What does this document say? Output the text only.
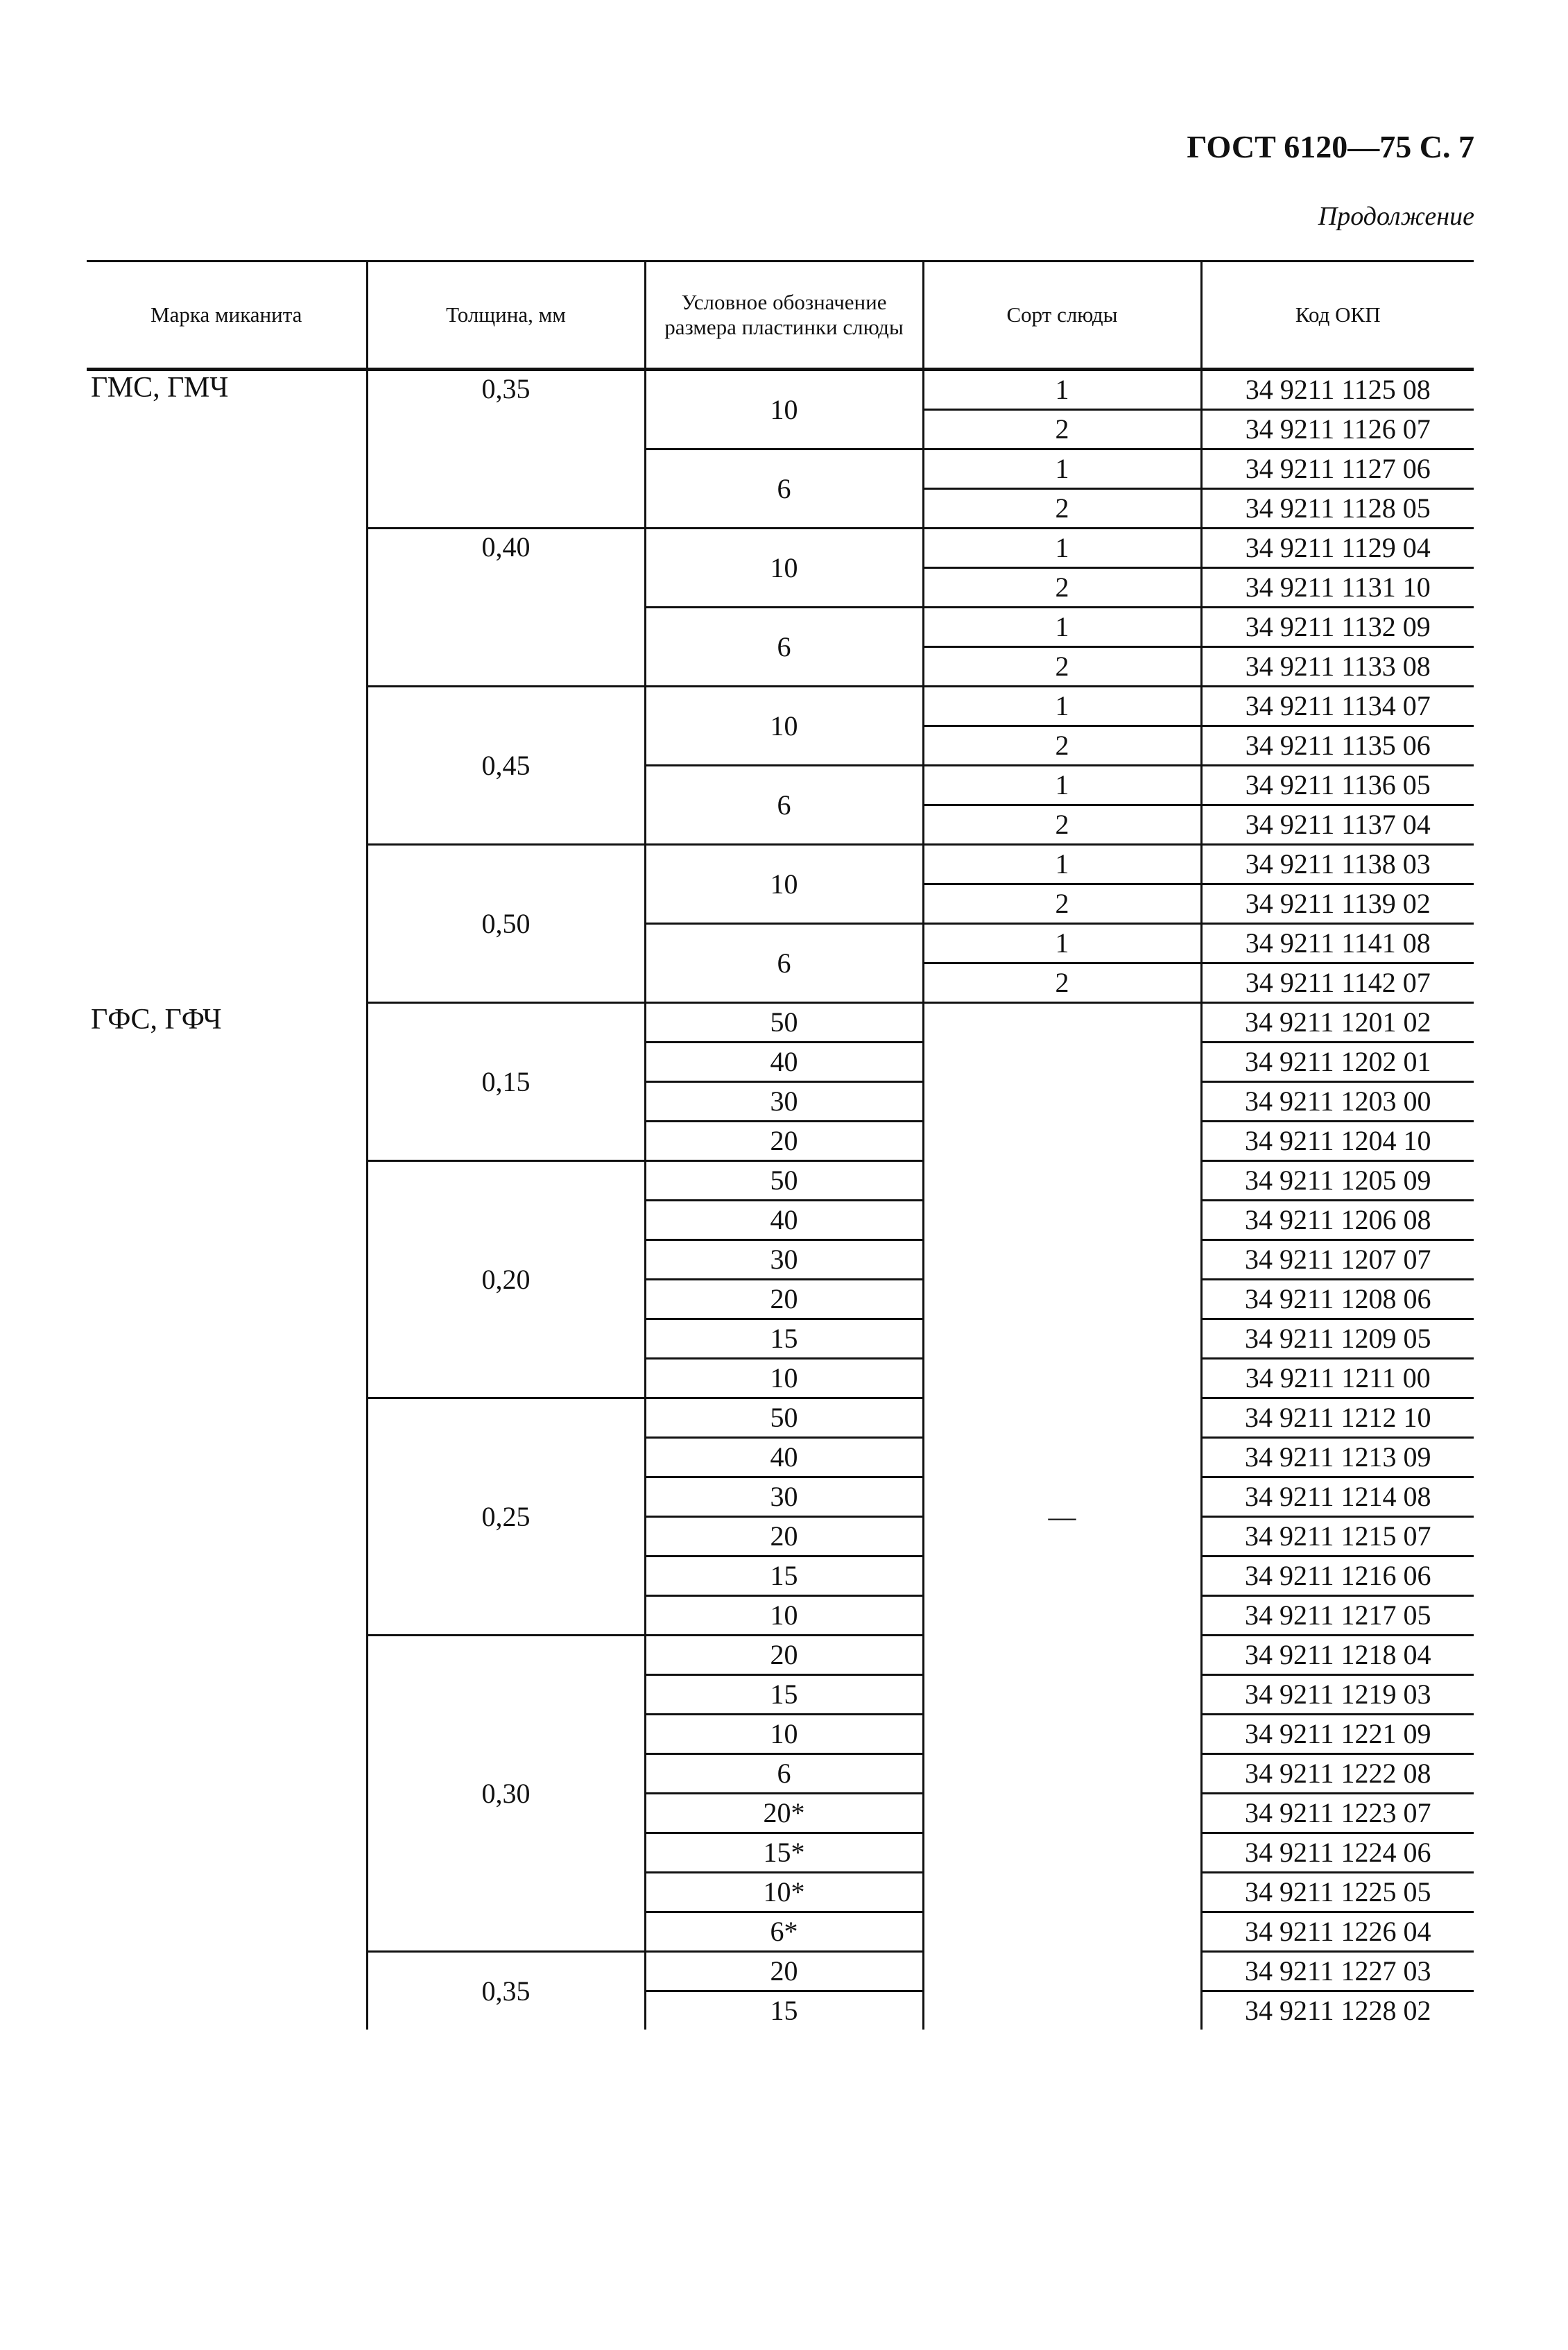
ГОСТ 6120—75 С. 7
Продолжение
Марка миканита	Толщина, мм	Условное обозначение размера пластинки слюды	Сорт слюды	Код ОКП
ГМС, ГМЧ	0,35	10	1	34 9211 1125 08
			2	34 9211 1126 07
		6	1	34 9211 1127 06
			2	34 9211 1128 05
	0,40	10	1	34 9211 1129 04
			2	34 9211 1131 10
		6	1	34 9211 1132 09
			2	34 9211 1133 08
	0,45	10	1	34 9211 1134 07
			2	34 9211 1135 06
		6	1	34 9211 1136 05
			2	34 9211 1137 04
	0,50	10	1	34 9211 1138 03
			2	34 9211 1139 02
		6	1	34 9211 1141 08
			2	34 9211 1142 07
ГФС, ГФЧ	0,15	50	—	34 9211 1201 02
		40		34 9211 1202 01
		30		34 9211 1203 00
		20		34 9211 1204 10
	0,20	50		34 9211 1205 09
		40		34 9211 1206 08
		30		34 9211 1207 07
		20		34 9211 1208 06
		15		34 9211 1209 05
		10		34 9211 1211 00
	0,25	50		34 9211 1212 10
		40		34 9211 1213 09
		30		34 9211 1214 08
		20		34 9211 1215 07
		15		34 9211 1216 06
		10		34 9211 1217 05
	0,30	20		34 9211 1218 04
		15		34 9211 1219 03
		10		34 9211 1221 09
		6		34 9211 1222 08
		20*		34 9211 1223 07
		15*		34 9211 1224 06
		10*		34 9211 1225 05
		6*		34 9211 1226 04
	0,35	20		34 9211 1227 03
		15		34 9211 1228 02
